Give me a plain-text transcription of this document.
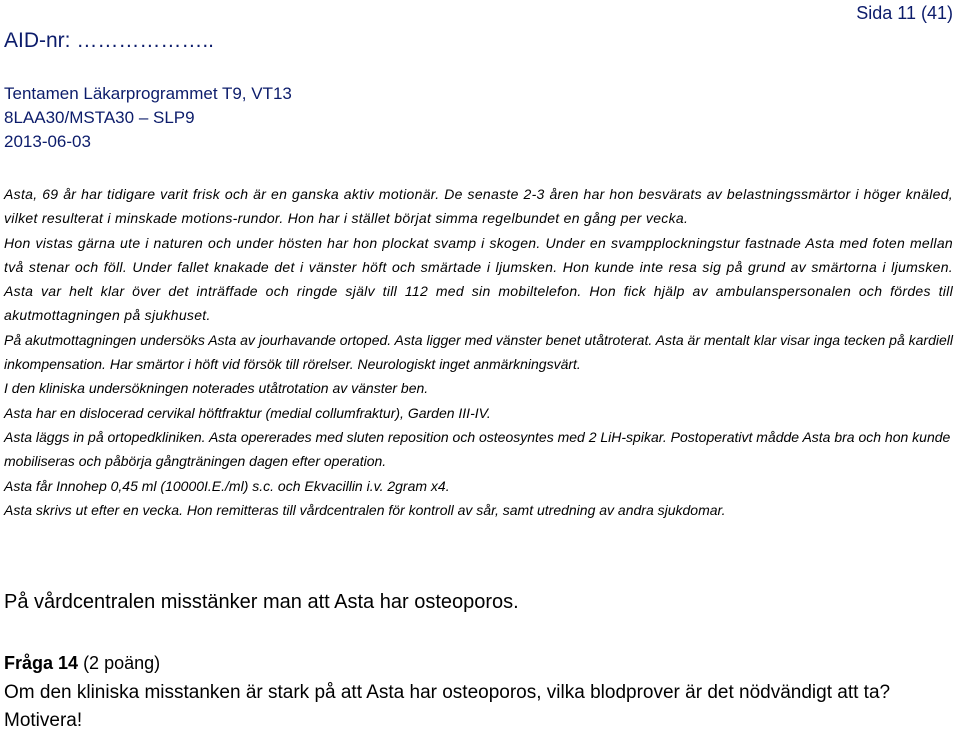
AID-nr: ………………..
Sida 11 (41)
Tentamen Läkarprogrammet T9, VT13
8LAA30/MSTA30 – SLP9
2013-06-03

Asta, 69 år har tidigare varit frisk och är en ganska aktiv motionär. De senaste 2-3 åren har hon besvärats av belastningssmärtor i höger knäled, vilket resulterat i minskade motions-rundor. Hon har i stället börjat simma regelbundet en gång per vecka.

Hon vistas gärna ute i naturen och under hösten har hon plockat svamp i skogen. Under en svampplockningstur fastnade Asta med foten mellan två stenar och föll. Under fallet knakade det i vänster höft och smärtade i ljumsken. Hon kunde inte resa sig på grund av smärtorna i ljumsken. Asta var helt klar över det inträffade och ringde själv till 112 med sin mobiltelefon. Hon fick hjälp av ambulanspersonalen och fördes till akutmottagningen på sjukhuset.

På akutmottagningen undersöks Asta av jourhavande ortoped. Asta ligger med vänster benet utåtroterat. Asta är mentalt klar visar inga tecken på kardiell inkompensation. Har smärtor i höft vid försök till rörelser. Neurologiskt inget anmärkningsvärt.

I den kliniska undersökningen noterades utåtrotation av vänster ben.

Asta har en dislocerad cervikal höftfraktur (medial collumfraktur), Garden III-IV.

Asta läggs in på ortopedkliniken. Asta opererades med sluten reposition och osteosyntes med 2 LiH-spikar. Postoperativt mådde Asta bra och hon kunde mobiliseras och påbörja gångträningen dagen efter operation.

Asta får Innohep 0,45 ml (10000I.E./ml) s.c. och Ekvacillin i.v. 2gram x4.

Asta skrivs ut efter en vecka. Hon remitteras till vårdcentralen för kontroll av sår, samt utredning av andra sjukdomar.

På vårdcentralen misstänker man att Asta har osteoporos.
Fråga 14 (2 poäng)
Om den kliniska misstanken är stark på att Asta har osteoporos, vilka blodprover är det nödvändigt att ta? Motivera!
